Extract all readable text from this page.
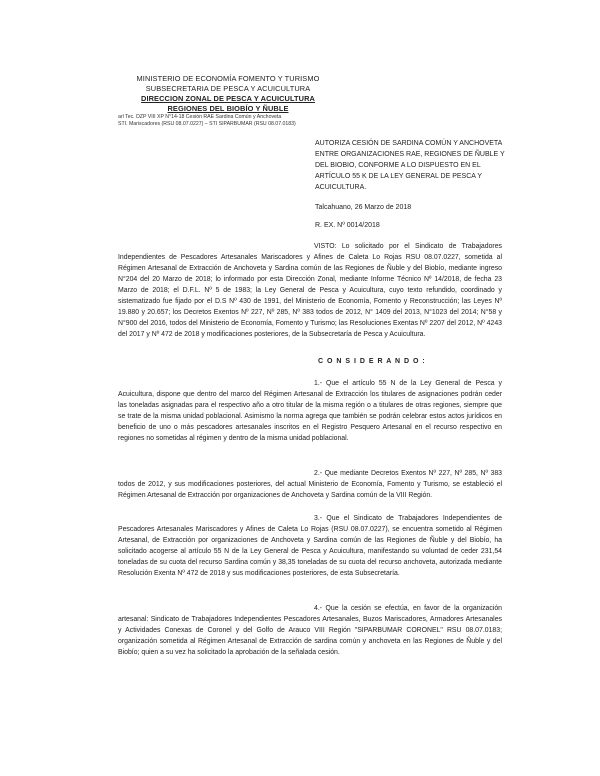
MINISTERIO DE ECONOMÍA FOMENTO Y TURISMO
SUBSECRETARIA DE PESCA Y ACUICULTURA
DIRECCION ZONAL DE PESCA Y ACUICULTURA
REGIONES DEL BIOBÍO Y ÑUBLE
arl Tec. DZP VIII XP N°14-18 Cesión RAE Sardina Común y Anchoveta
STI. Mariscadores (RSU 08.07.0227) – STI SIPARBUMAR (RSU 08.07.0183)
AUTORIZA CESIÓN DE SARDINA COMÚN Y ANCHOVETA ENTRE ORGANIZACIONES RAE, REGIONES DE ÑUBLE Y DEL BIOBIO, CONFORME A LO DISPUESTO EN EL ARTÍCULO 55 K DE LA LEY GENERAL DE PESCA Y ACUICULTURA.
Talcahuano, 26 Marzo de 2018
R. EX. Nº 0014/2018
VISTO: Lo solicitado por el Sindicato de Trabajadores Independientes de Pescadores Artesanales Mariscadores y Afines de Caleta Lo Rojas RSU 08.07.0227, sometida al Régimen Artesanal de Extracción de Anchoveta y Sardina común de las Regiones de Ñuble y del Biobío, mediante ingreso N°204 del 20 Marzo de 2018; lo informado por esta Dirección Zonal, mediante Informe Técnico Nº 14/2018, de fecha 23 Marzo de 2018; el D.F.L. Nº 5 de 1983; la Ley General de Pesca y Acuicultura, cuyo texto refundido, coordinado y sistematizado fue fijado por el D.S Nº 430 de 1991, del Ministerio de Economía, Fomento y Reconstrucción; las Leyes Nº 19.880 y 20.657; los Decretos Exentos Nº 227, Nº 285, Nº 383 todos de 2012, N° 1409 del 2013, N°1023 del 2014; N°58 y N°900 del 2016, todos del Ministerio de Economía, Fomento y Turismo; las Resoluciones Exentas Nº 2207 del 2012, Nº 4243 del 2017 y Nº 472 de 2018 y modificaciones posteriores, de la Subsecretaría de Pesca y Acuicultura.
C O N S I D E R A N D O :
1.- Que el artículo 55 N de la Ley General de Pesca y Acuicultura, dispone que dentro del marco del Régimen Artesanal de Extracción los titulares de asignaciones podrán ceder las toneladas asignadas para el respectivo año a otro titular de la misma región o a titulares de otras regiones, siempre que se trate de la misma unidad poblacional. Asimismo la norma agrega que también se podrán celebrar estos actos jurídicos en beneficio de uno o más pescadores artesanales inscritos en el Registro Pesquero Artesanal en el recurso respectivo en regiones no sometidas al régimen y dentro de la misma unidad poblacional.
2.- Que mediante Decretos Exentos Nº 227, Nº 285, Nº 383 todos de 2012, y sus modificaciones posteriores, del actual Ministerio de Economía, Fomento y Turismo, se estableció el Régimen Artesanal de Extracción por organizaciones de Anchoveta y Sardina común de la VIII Región.
3.- Que el Sindicato de Trabajadores Independientes de Pescadores Artesanales Mariscadores y Afines de Caleta Lo Rojas (RSU 08.07.0227), se encuentra sometido al Régimen Artesanal, de Extracción por organizaciones de Anchoveta y Sardina común de las Regiones de Ñuble y del Biobío, ha solicitado acogerse al artículo 55 N de la Ley General de Pesca y Acuicultura, manifestando su voluntad de ceder 231,54 toneladas de su cuota del recurso Sardina común y 38,35 toneladas de su cuota del recurso anchoveta, autorizada mediante Resolución Exenta Nº 472 de 2018 y sus modificaciones posteriores, de esta Subsecretaría.
4.- Que la cesión se efectúa, en favor de la organización artesanal: Sindicato de Trabajadores Independientes Pescadores Artesanales, Buzos Mariscadores, Armadores Artesanales y Actividades Conexas de Coronel y del Golfo de Arauco VIII Región "SIPARBUMAR CORONEL" RSU 08.07.0183; organización sometida al Régimen Artesanal de Extracción de sardina común y anchoveta en las Regiones de Ñuble y del Biobío; quien a su vez ha solicitado la aprobación de la señalada cesión.
